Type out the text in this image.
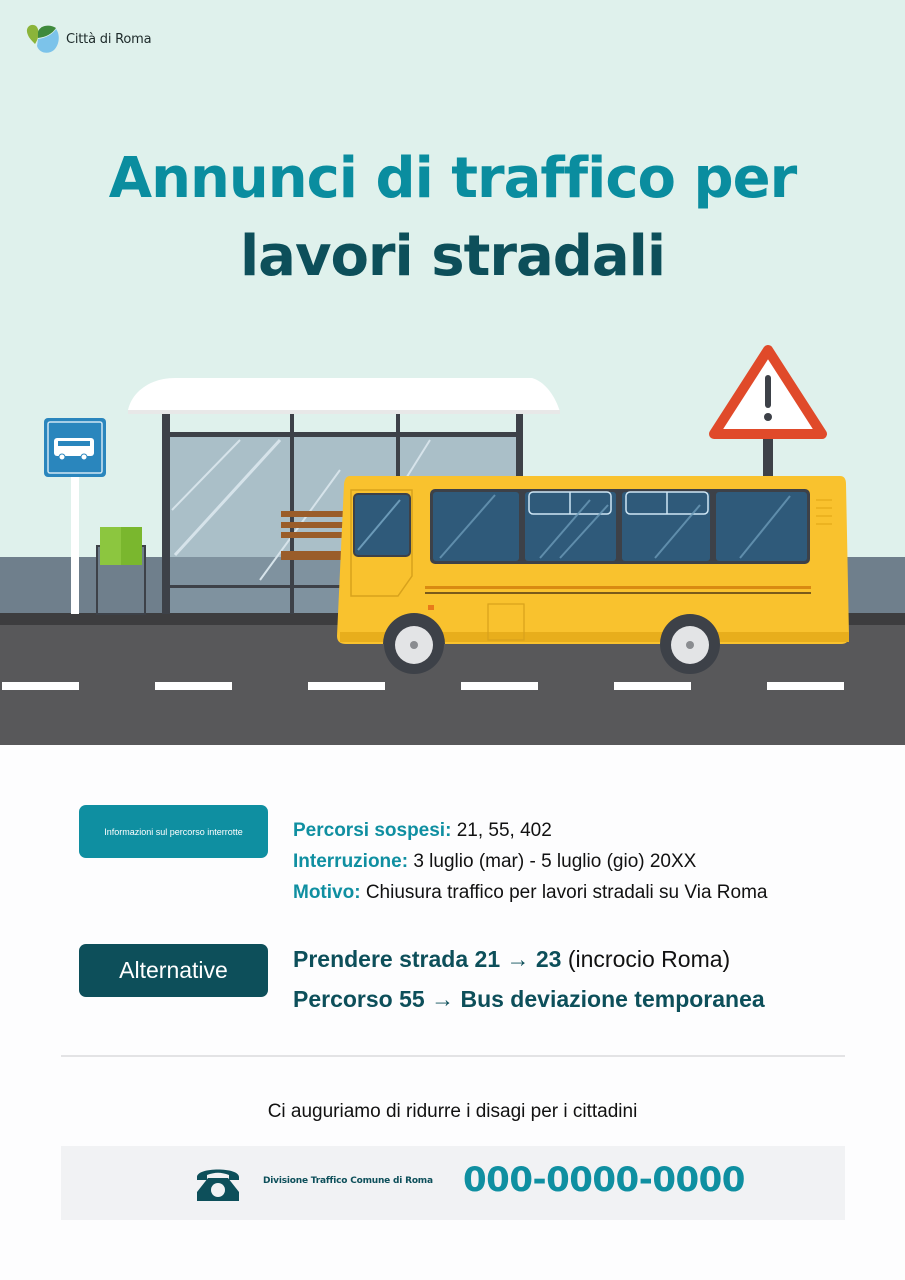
Città di Roma
Annunci di traffico per
lavori stradali
Informazioni sul percorso interrotte	Percorsi sospesi: 21, 55, 402
Interruzione: 3 luglio (mar) - 5 luglio (gio) 20XX
Motivo: Chiusura traffico per lavori stradali su Via Roma
Alternative	Prendere strada 21 → 23 (incrocio Roma)
Percorso 55 → Bus deviazione temporanea
Ci auguriamo di ridurre i disagi per i cittadini
Divisione Traffico Comune di Roma 000-0000-0000
